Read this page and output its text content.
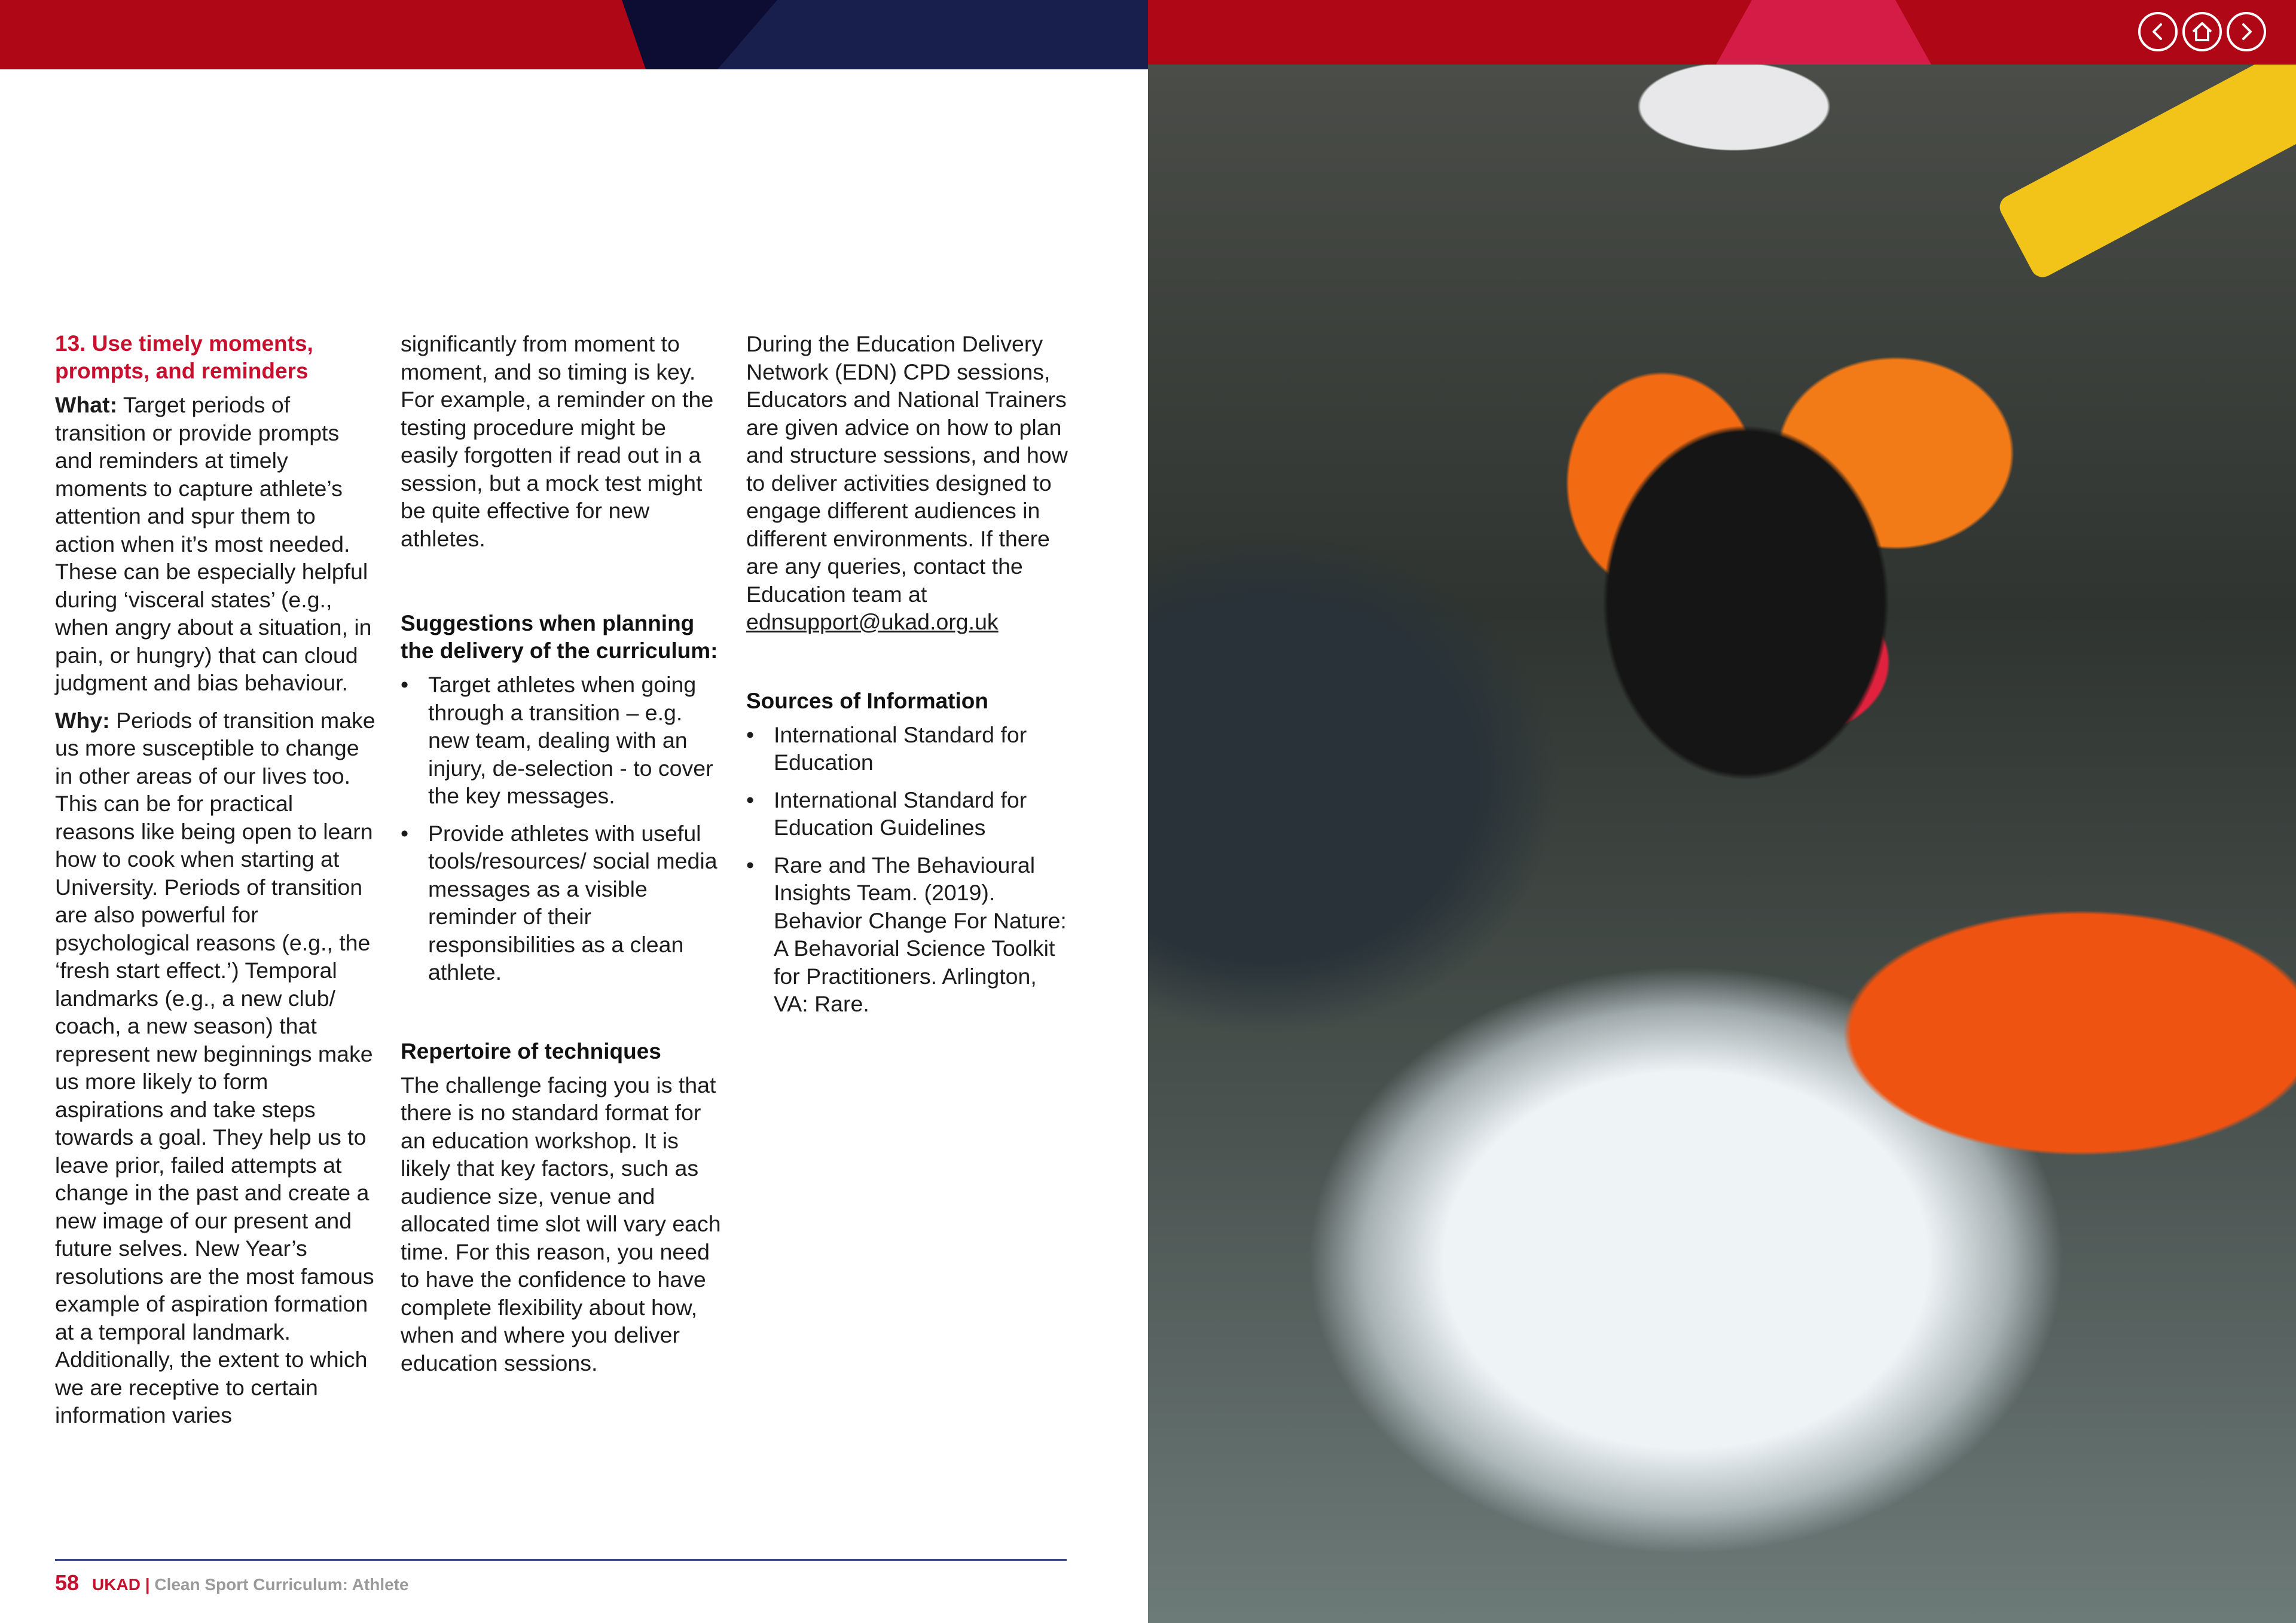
13. Use timely moments, prompts, and reminders

What: Target periods of transition or provide prompts and reminders at timely moments to capture athlete’s attention and spur them to action when it’s most needed. These can be especially helpful during ‘visceral states’ (e.g., when angry about a situation, in pain, or hungry) that can cloud judgment and bias behaviour.

Why: Periods of transition make us more susceptible to change in other areas of our lives too. This can be for practical reasons like being open to learn how to cook when starting at University. Periods of transition are also powerful for psychological reasons (e.g., the ‘fresh start effect.’) Temporal landmarks (e.g., a new club/ coach, a new season) that represent new beginnings make us more likely to form aspirations and take steps towards a goal. They help us to leave prior, failed attempts at change in the past and create a new image of our present and future selves. New Year’s resolutions are the most famous example of aspiration formation at a temporal landmark. Additionally, the extent to which we are receptive to certain information varies

significantly from moment to moment, and so timing is key. For example, a reminder on the testing procedure might be easily forgotten if read out in a session, but a mock test might be quite effective for new athletes.

Suggestions when planning the delivery of the curriculum:
• Target athletes when going through a transition – e.g. new team, dealing with an injury, de-selection - to cover the key messages.
• Provide athletes with useful tools/resources/ social media messages as a visible reminder of their responsibilities as a clean athlete.
Repertoire of techniques

The challenge facing you is that there is no standard format for an education workshop. It is likely that key factors, such as audience size, venue and allocated time slot will vary each time. For this reason, you need to have the confidence to have complete flexibility about how, when and where you deliver education sessions.

During the Education Delivery Network (EDN) CPD sessions, Educators and National Trainers are given advice on how to plan and structure sessions, and how to deliver activities designed to engage different audiences in different environments. If there are any queries, contact the Education team at ednsupport@ukad.org.uk

Sources of Information
• International Standard for Education
• International Standard for Education Guidelines
• Rare and The Behavioural Insights Team. (2019). Behavior Change For Nature: A Behavorial Science Toolkit for Practitioners. Arlington, VA: Rare.
58 UKAD | Clean Sport Curriculum: Athlete
